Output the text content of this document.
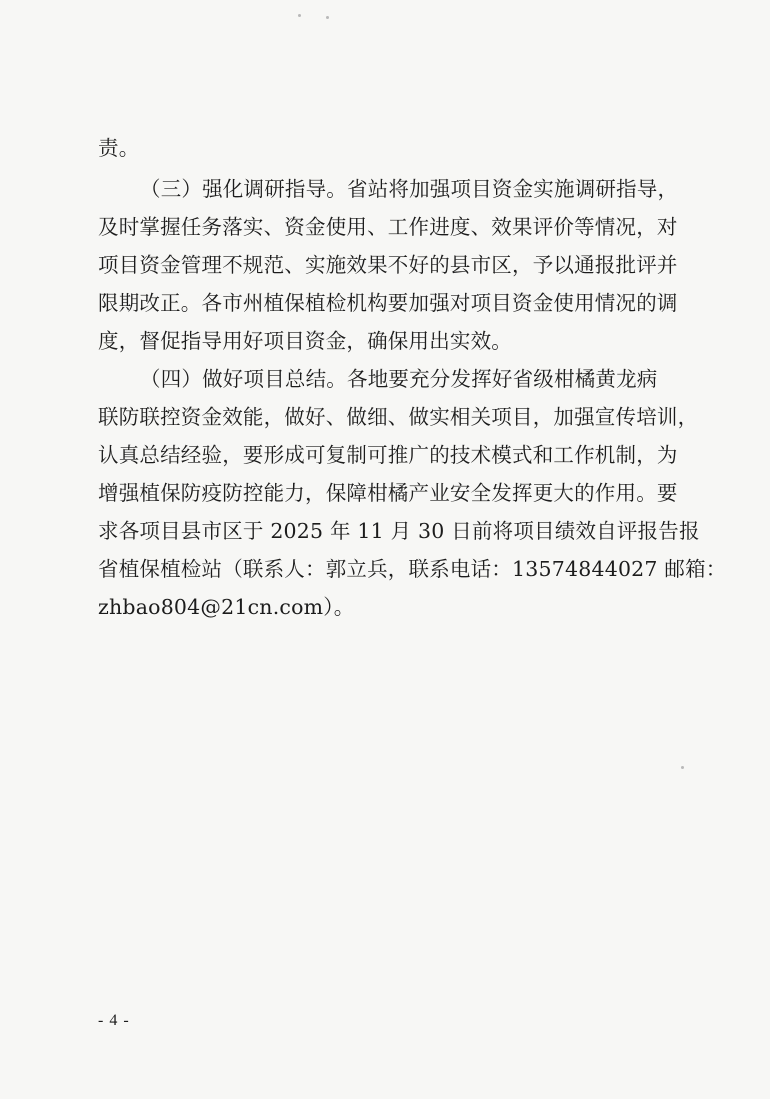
责。
（三）强化调研指导。省站将加强项目资金实施调研指导，
及时掌握任务落实、资金使用、工作进度、效果评价等情况，对
项目资金管理不规范、实施效果不好的县市区，予以通报批评并
限期改正。各市州植保植检机构要加强对项目资金使用情况的调
度，督促指导用好项目资金，确保用出实效。
（四）做好项目总结。各地要充分发挥好省级柑橘黄龙病
联防联控资金效能，做好、做细、做实相关项目，加强宣传培训，
认真总结经验，要形成可复制可推广的技术模式和工作机制，为
增强植保防疫防控能力，保障柑橘产业安全发挥更大的作用。要
求各项目县市区于 2025 年 11 月 30 日前将项目绩效自评报告报
省植保植检站（联系人：郭立兵，联系电话：13574844027 邮箱：
zhbao804@21cn.com）。
- 4 -
